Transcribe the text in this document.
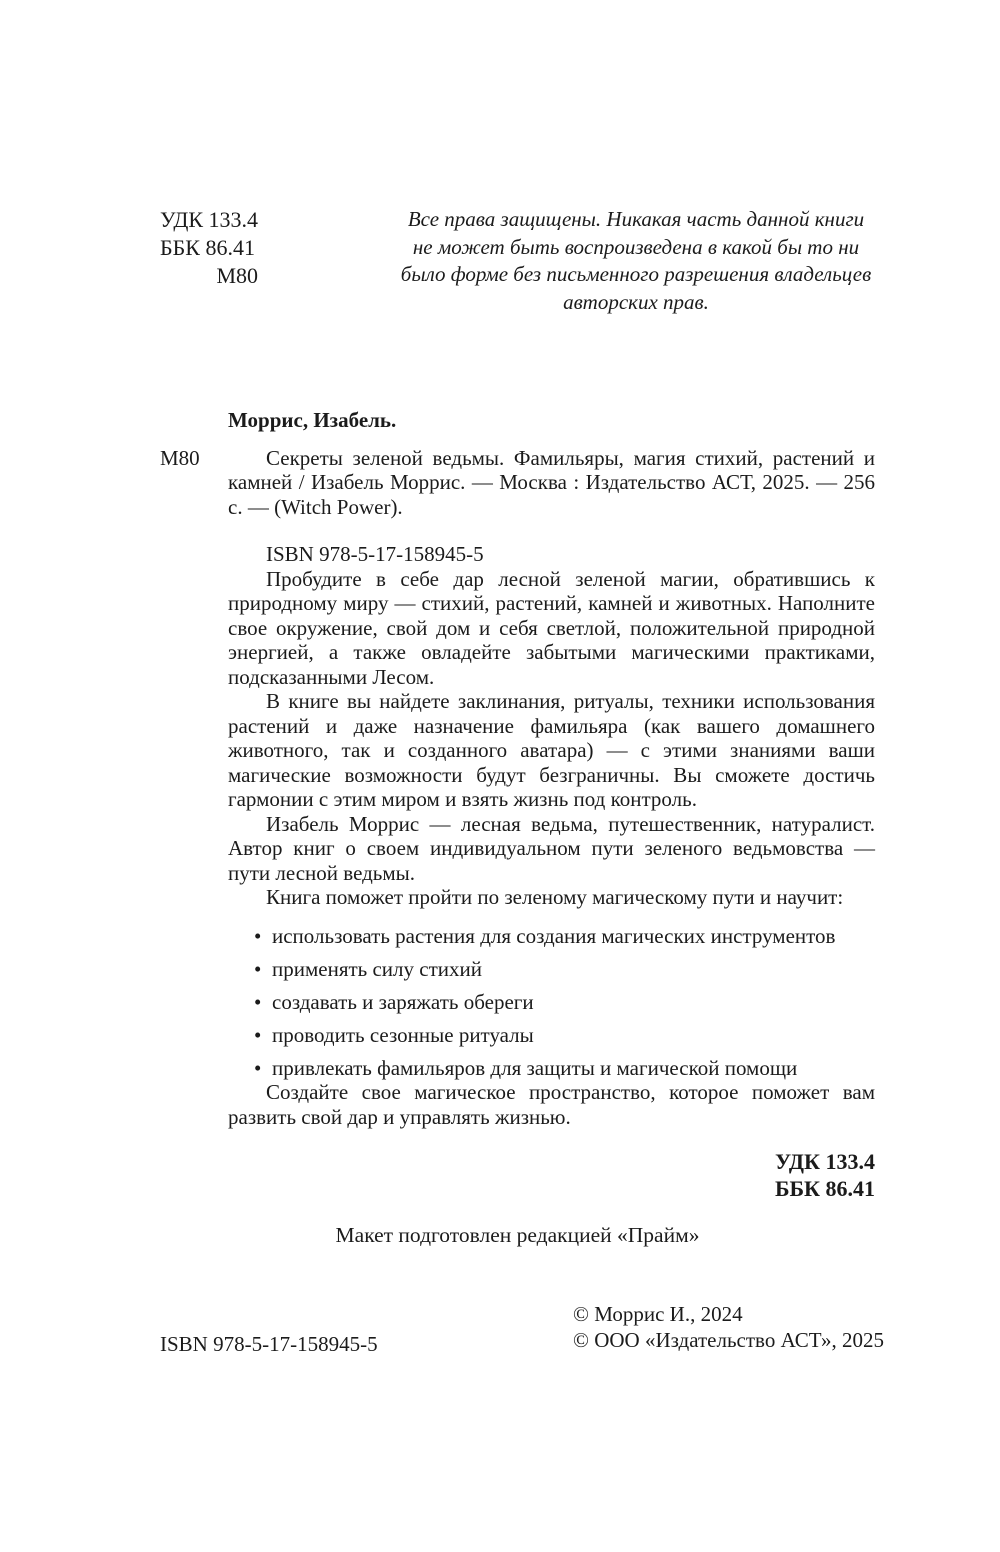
УДК 133.4
ББК 86.41
М80
Все права защищены. Никакая часть данной книги не может быть воспроизведена в какой бы то ни было форме без письменного разрешения владельцев авторских прав.
Моррис, Изабель.
М80	Секреты зеленой ведьмы. Фамильяры, магия стихий, растений и камней / Изабель Моррис. — Москва : Издательство АСТ, 2025. — 256 с. — (Witch Power).

ISBN 978-5-17-158945-5

Пробудите в себе дар лесной зеленой магии, обратившись к природному миру — стихий, растений, камней и животных. Наполните свое окружение, свой дом и себя светлой, положительной природной энергией, а также овладейте забытыми магическими практиками, подсказанными Лесом.

В книге вы найдете заклинания, ритуалы, техники использования растений и даже назначение фамильяра (как вашего домашнего животного, так и созданного аватара) — с этими знаниями ваши магические возможности будут безграничны. Вы сможете достичь гармонии с этим миром и взять жизнь под контроль.

Изабель Моррис — лесная ведьма, путешественник, натуралист. Автор книг о своем индивидуальном пути зеленого ведьмовства — пути лесной ведьмы.

Книга поможет пройти по зеленому магическому пути и научит:

• использовать растения для создания магических инструментов
• применять силу стихий
• создавать и заряжать обереги
• проводить сезонные ритуалы
• привлекать фамильяров для защиты и магической помощи

Создайте свое магическое пространство, которое поможет вам развить свой дар и управлять жизнью.

УДК 133.4
ББК 86.41
Макет подготовлен редакцией «Прайм»
ISBN 978-5-17-158945-5
© Моррис И., 2024
© ООО «Издательство АСТ», 2025
